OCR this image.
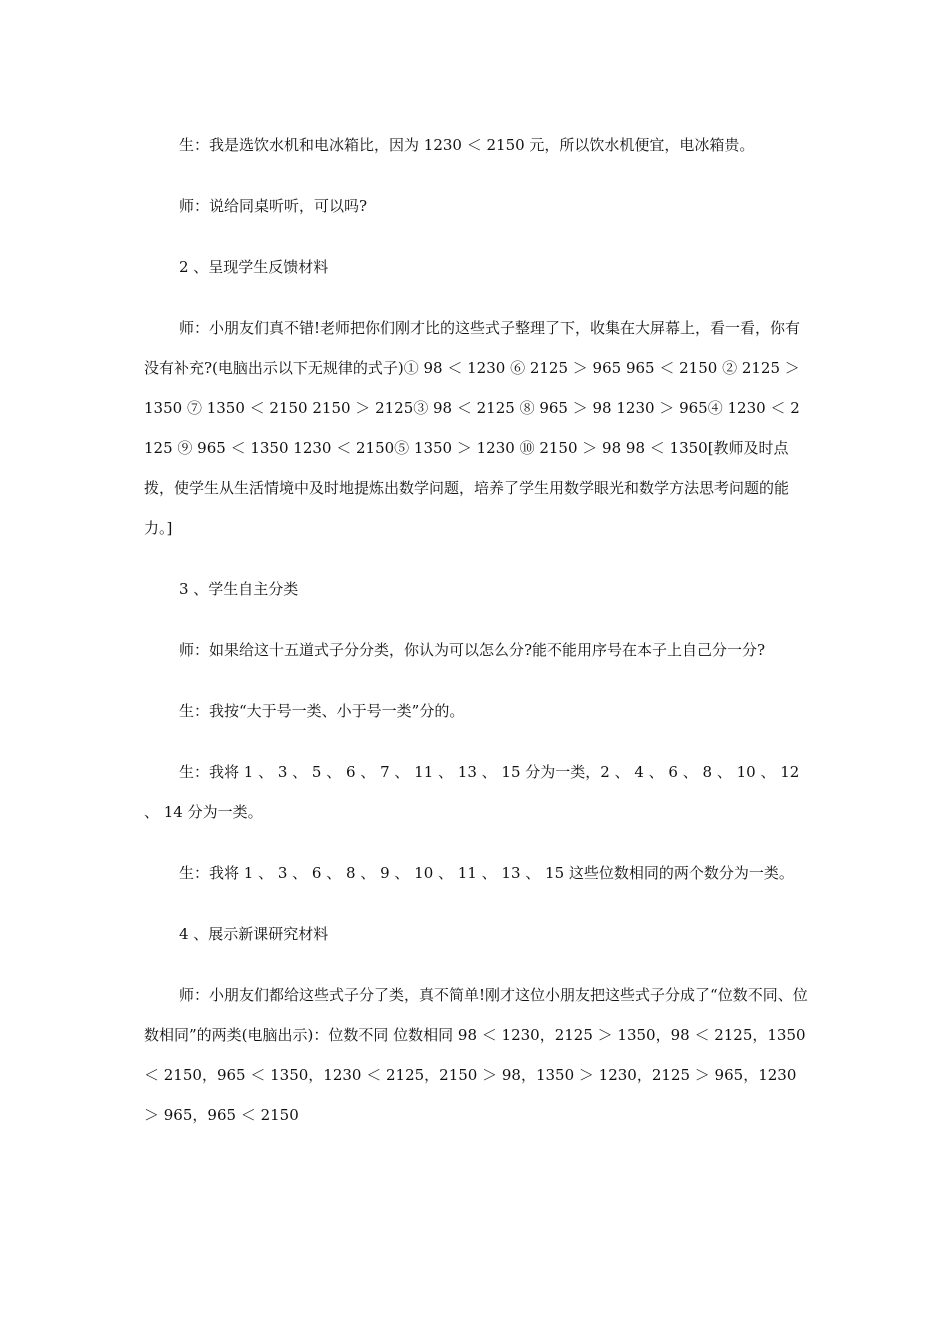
生：我是选饮水机和电冰箱比，因为 1230 ＜ 2150 元，所以饮水机便宜，电冰箱贵。

师：说给同桌听听，可以吗?

2 、呈现学生反馈材料

师：小朋友们真不错!老师把你们刚才比的这些式子整理了下，收集在大屏幕上，看一看，你有没有补充?(电脑出示以下无规律的式子)① 98 ＜ 1230 ⑥ 2125 ＞ 965 965 ＜ 2150 ② 2125 ＞ 1350 ⑦ 1350 ＜ 2150 2150 ＞ 2125③ 98 ＜ 2125 ⑧ 965 ＞ 98 1230 ＞ 965④ 1230 ＜ 2125 ⑨ 965 ＜ 1350 1230 ＜ 2150⑤ 1350 ＞ 1230 ⑩ 2150 ＞ 98 98 ＜ 1350[教师及时点拨，使学生从生活情境中及时地提炼出数学问题，培养了学生用数学眼光和数学方法思考问题的能力。]

3 、学生自主分类

师：如果给这十五道式子分分类，你认为可以怎么分?能不能用序号在本子上自己分一分?

生：我按“大于号一类、小于号一类”分的。

生：我将 1 、 3 、 5 、 6 、 7 、 11 、 13 、 15 分为一类，2 、 4 、 6 、 8 、 10 、 12 、 14 分为一类。

生：我将 1 、 3 、 6 、 8 、 9 、 10 、 11 、 13 、 15 这些位数相同的两个数分为一类。

4 、展示新课研究材料

师：小朋友们都给这些式子分了类，真不简单!刚才这位小朋友把这些式子分成了“位数不同、位数相同”的两类(电脑出示)：位数不同 位数相同 98 ＜ 1230，2125 ＞ 1350，98 ＜ 2125，1350 ＜ 2150，965 ＜ 1350，1230 ＜ 2125，2150 ＞ 98，1350 ＞ 1230，2125 ＞ 965，1230 ＞ 965，965 ＜ 2150
